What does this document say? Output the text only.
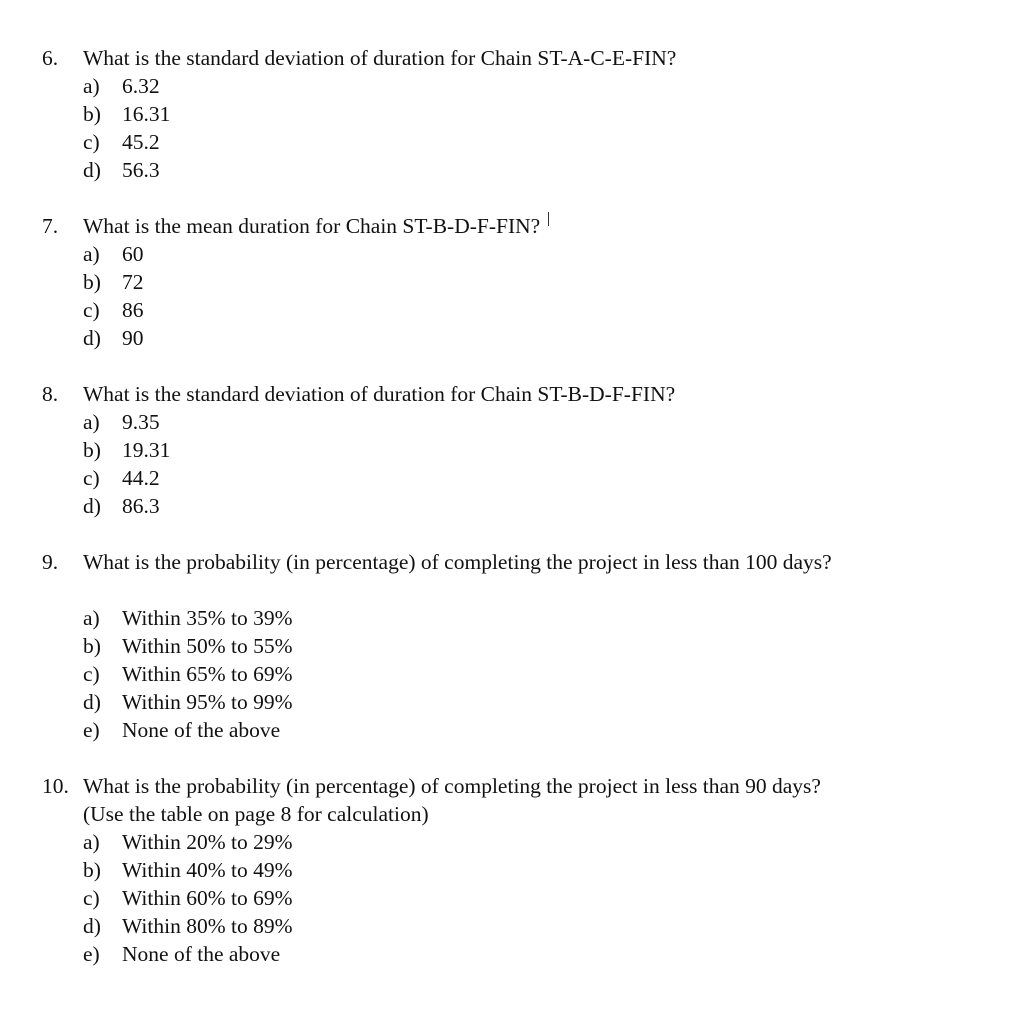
6.	What is the standard deviation of duration for Chain ST-A-C-E-FIN?
a)	6.32
b) 16.31
c)	45.2
d) 56.3
7.	What is the mean duration for Chain ST-B-D-F-FIN?
a)	60
b) 72
c)	86
d) 90
8.	What is the standard deviation of duration for Chain ST-B-D-F-FIN?
a)	9.35
b) 19.31
c)	44.2
d) 86.3
9.	What is the probability (in percentage) of completing the project in less than 100 days?
a)	Within 35% to 39%
b) Within 50% to 55%
c)	Within 65% to 69%
d) Within 95% to 99%
e)	None of the above
10. What is the probability (in percentage) of completing the project in less than 90 days?
(Use the table on page 8 for calculation)
a)	Within 20% to 29%
b) Within 40% to 49%
c)	Within 60% to 69%
d) Within 80% to 89%
e)	None of the above
